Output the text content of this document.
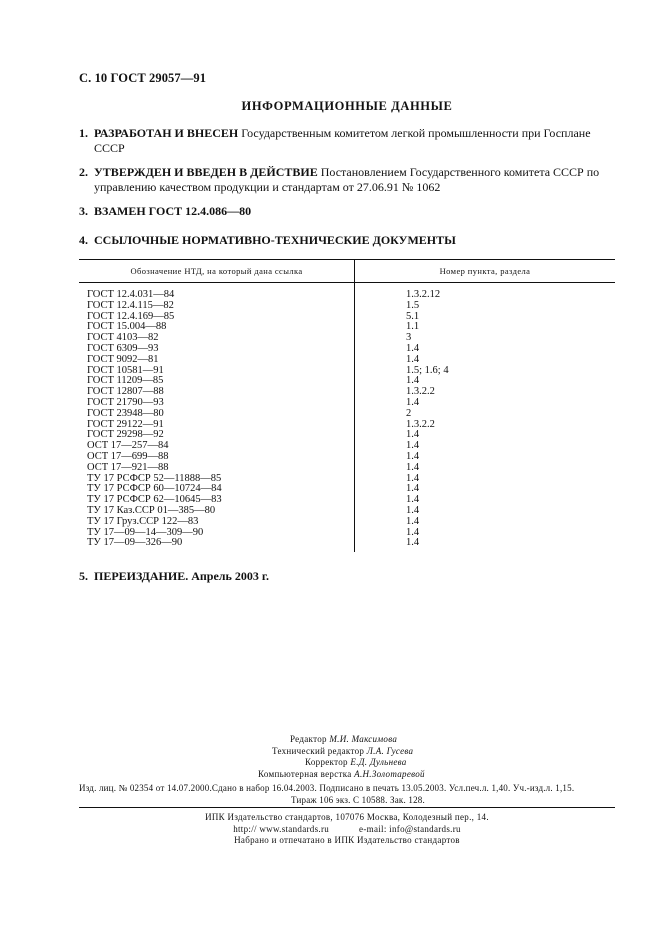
С. 10 ГОСТ 29057—91
ИНФОРМАЦИОННЫЕ ДАННЫЕ
1. РАЗРАБОТАН И ВНЕСЕН Государственным комитетом легкой промышленности при Госплане
СССР
2. УТВЕРЖДЕН И ВВЕДЕН В ДЕЙСТВИЕ Постановлением Государственного комитета СССР по
управлению качеством продукции и стандартам от 27.06.91 № 1062
3. ВЗАМЕН ГОСТ 12.4.086—80
4. ССЫЛОЧНЫЕ НОРМАТИВНО-ТЕХНИЧЕСКИЕ ДОКУМЕНТЫ
Обозначение НТД, на который дана ссылка	Номер пункта, раздела
ГОСТ 12.4.031—84	1.3.2.12
ГОСТ 12.4.115—82	1.5
ГОСТ 12.4.169—85	5.1
ГОСТ 15.004—88	1.1
ГОСТ 4103—82	3
ГОСТ 6309—93	1.4
ГОСТ 9092—81	1.4
ГОСТ 10581—91	1.5; 1.6; 4
ГОСТ 11209—85	1.4
ГОСТ 12807—88	1.3.2.2
ГОСТ 21790—93	1.4
ГОСТ 23948—80	2
ГОСТ 29122—91	1.3.2.2
ГОСТ 29298—92	1.4
ОСТ 17—257—84	1.4
ОСТ 17—699—88	1.4
ОСТ 17—921—88	1.4
ТУ 17 РСФСР 52—11888—85	1.4
ТУ 17 РСФСР 60—10724—84	1.4
ТУ 17 РСФСР 62—10645—83	1.4
ТУ 17 Каз.ССР 01—385—80	1.4
ТУ 17 Груз.ССР 122—83	1.4
ТУ 17—09—14—309—90	1.4
ТУ 17—09—326—90	1.4
5. ПЕРЕИЗДАНИЕ. Апрель 2003 г.
Редактор М.И. Максимова
Технический редактор Л.А. Гусева
Корректор Е.Д. Дульнева
Компьютерная верстка А.Н.Золотаревой
Изд. лиц. № 02354 от 14.07.2000.Сдано в набор 16.04.2003. Подписано в печать 13.05.2003. Усл.печ.л. 1,40. Уч.-изд.л. 1,15.
Тираж 106 экз. С 10588. Зак. 128.
ИПК Издательство стандартов, 107076 Москва, Колодезный пер., 14.
http:// www.standards.ru	e-mail: info@standards.ru
Набрано и отпечатано в ИПК Издательство стандартов
